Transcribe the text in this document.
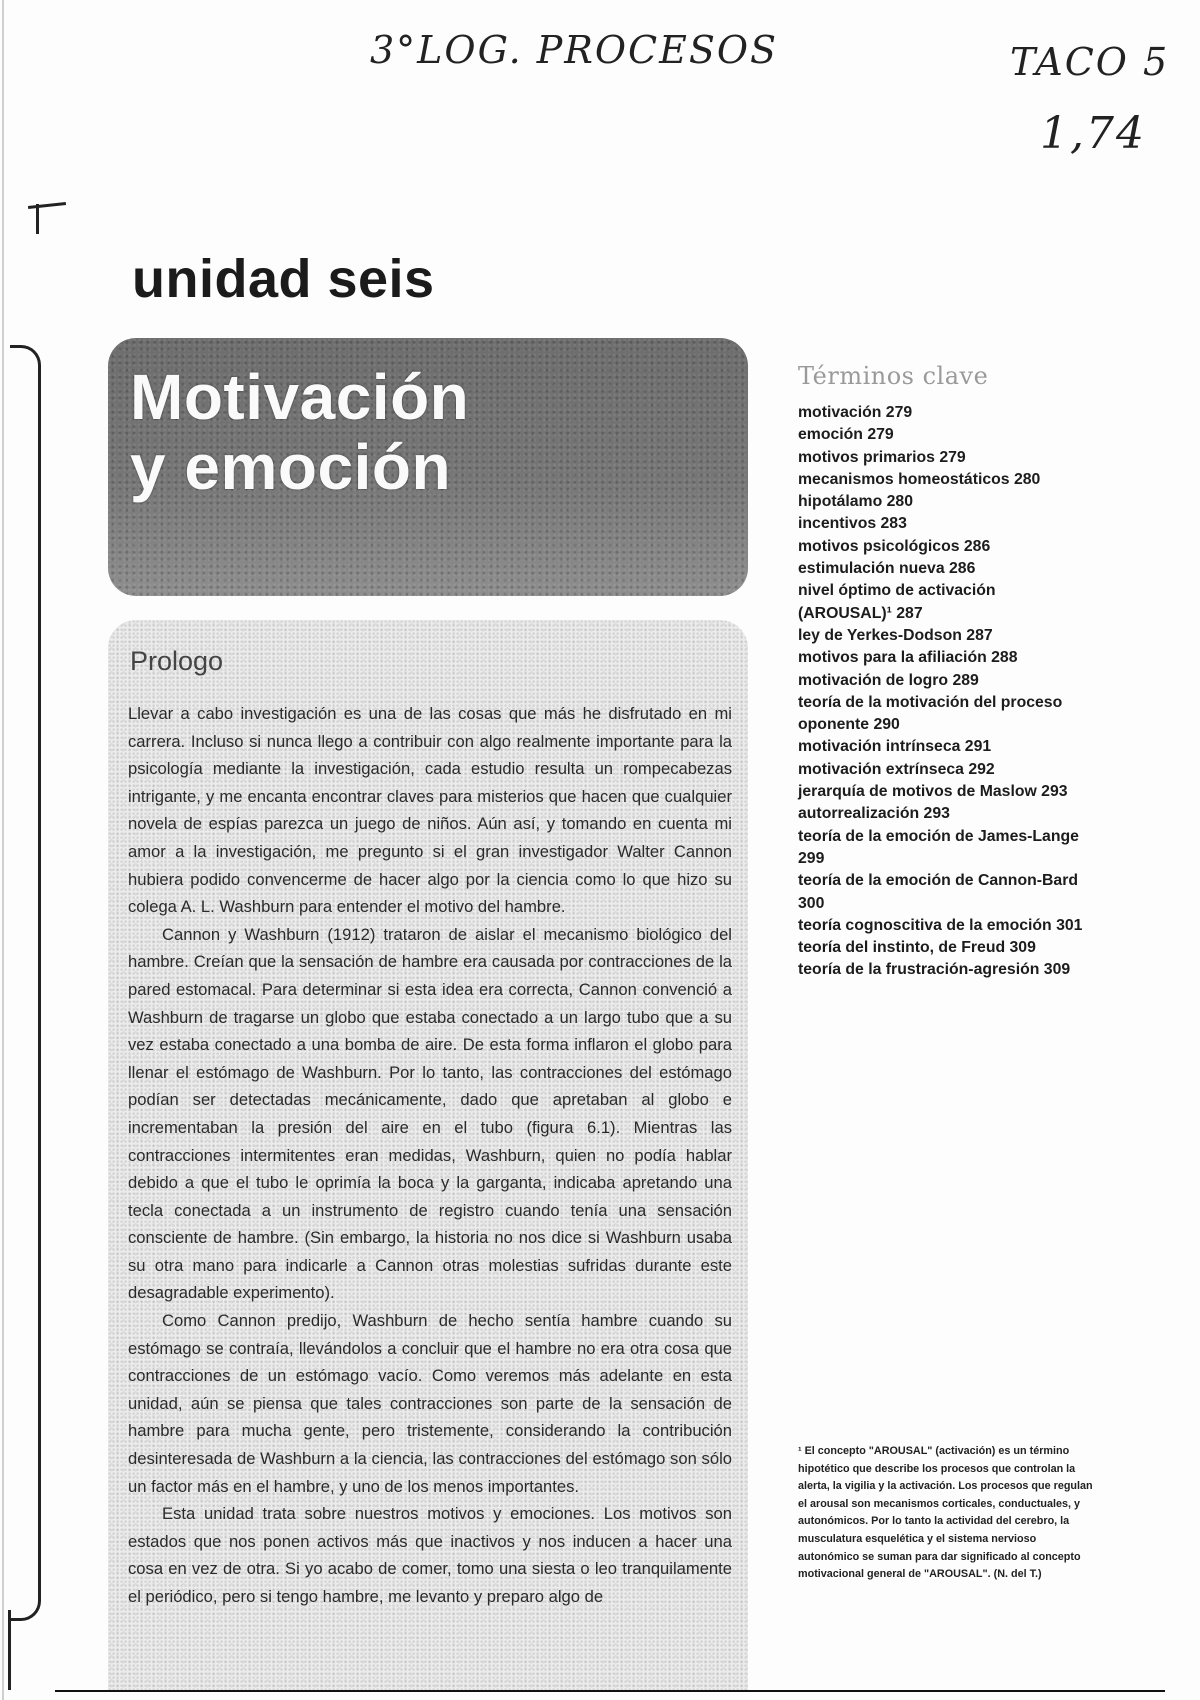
3°LOG. PROCESOS	TACO 5
1,74
unidad seis
Motivación
y emoción
Prologo

Llevar a cabo investigación es una de las cosas que más he disfrutado en mi carrera. Incluso si nunca llego a contribuir con algo realmente importante para la psicología mediante la investigación, cada estudio resulta un rompecabezas intrigante, y me encanta encontrar claves para misterios que hacen que cualquier novela de espías parezca un juego de niños. Aún así, y tomando en cuenta mi amor a la investigación, me pregunto si el gran investigador Walter Cannon hubiera podido convencerme de hacer algo por la ciencia como lo que hizo su colega A. L. Washburn para entender el motivo del hambre.

Cannon y Washburn (1912) trataron de aislar el mecanismo biológico del hambre. Creían que la sensación de hambre era causada por contracciones de la pared estomacal. Para determinar si esta idea era correcta, Cannon convenció a Washburn de tragarse un globo que estaba conectado a un largo tubo que a su vez estaba conectado a una bomba de aire. De esta forma inflaron el globo para llenar el estómago de Washburn. Por lo tanto, las contracciones del estómago podían ser detectadas mecánicamente, dado que apretaban al globo e incrementaban la presión del aire en el tubo (figura 6.1). Mientras las contracciones intermitentes eran medidas, Washburn, quien no podía hablar debido a que el tubo le oprimía la boca y la garganta, indicaba apretando una tecla conectada a un instrumento de registro cuando tenía una sensación consciente de hambre. (Sin embargo, la historia no nos dice si Washburn usaba su otra mano para indicarle a Cannon otras molestias sufridas durante este desagradable experimento).

Como Cannon predijo, Washburn de hecho sentía hambre cuando su estómago se contraía, llevándolos a concluir que el hambre no era otra cosa que contracciones de un estómago vacío. Como veremos más adelante en esta unidad, aún se piensa que tales contracciones son parte de la sensación de hambre para mucha gente, pero tristemente, considerando la contribución desinteresada de Washburn a la ciencia, las contracciones del estómago son sólo un factor más en el hambre, y uno de los menos importantes.

Esta unidad trata sobre nuestros motivos y emociones. Los motivos son estados que nos ponen activos más que inactivos y nos inducen a hacer una cosa en vez de otra. Si yo acabo de comer, tomo una siesta o leo tranquilamente el periódico, pero si tengo hambre, me levanto y preparo algo de

Términos clave
motivación 279
emoción 279
motivos primarios 279
mecanismos homeostáticos 280
hipotálamo 280
incentivos 283
motivos psicológicos 286
estimulación nueva 286
nivel óptimo de activación
(AROUSAL)¹ 287
ley de Yerkes-Dodson 287
motivos para la afiliación 288
motivación de logro 289
teoría de la motivación del proceso
oponente 290
motivación intrínseca 291
motivación extrínseca 292
jerarquía de motivos de Maslow 293
autorrealización 293
teoría de la emoción de James-Lange
299
teoría de la emoción de Cannon-Bard
300
teoría cognoscitiva de la emoción 301
teoría del instinto, de Freud 309
teoría de la frustración-agresión 309

¹ El concepto "AROUSAL" (activación) es un término hipotético que describe los procesos que controlan la alerta, la vigilia y la activación. Los procesos que regulan el arousal son mecanismos corticales, conductuales, y autonómicos. Por lo tanto la actividad del cerebro, la musculatura esquelética y el sistema nervioso autonómico se suman para dar significado al concepto motivacional general de "AROUSAL". (N. del T.)
